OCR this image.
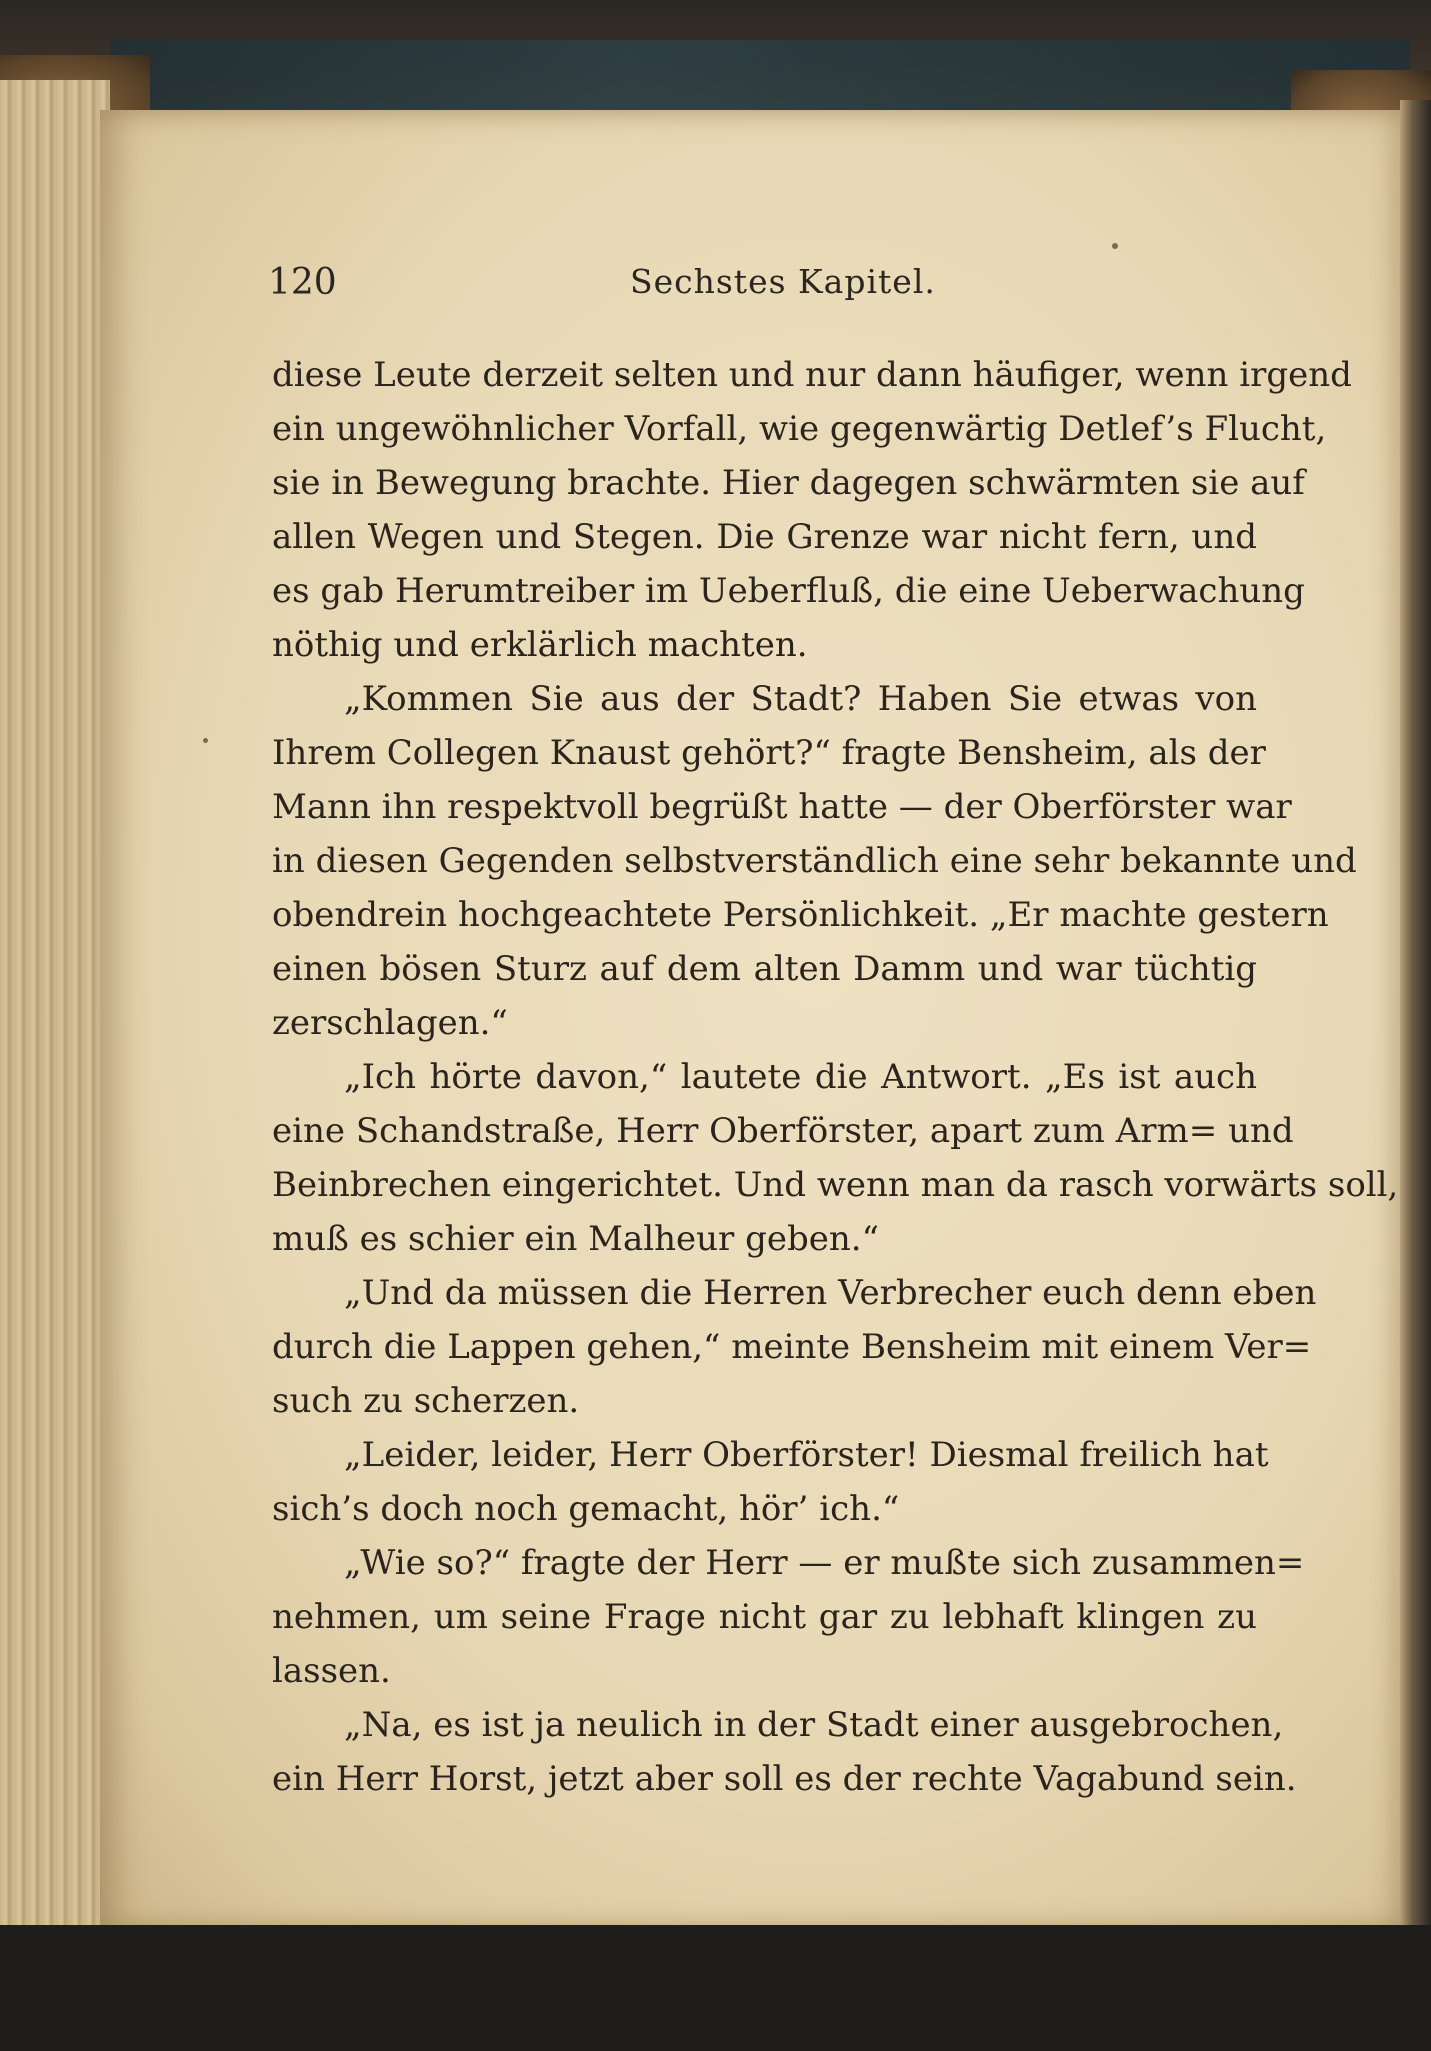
120	Sechstes Kapitel.
diese Leute derzeit selten und nur dann häufiger, wenn irgend
ein ungewöhnlicher Vorfall, wie gegenwärtig Detlef’s Flucht,
sie in Bewegung brachte. Hier dagegen schwärmten sie auf
allen Wegen und Stegen. Die Grenze war nicht fern, und
es gab Herumtreiber im Ueberfluß, die eine Ueberwachung
nöthig und erklärlich machten.
„Kommen Sie aus der Stadt? Haben Sie etwas von
Ihrem Collegen Knaust gehört?“ fragte Bensheim, als der
Mann ihn respektvoll begrüßt hatte — der Oberförster war
in diesen Gegenden selbstverständlich eine sehr bekannte und
obendrein hochgeachtete Persönlichkeit. „Er machte gestern
einen bösen Sturz auf dem alten Damm und war tüchtig
zerschlagen.“
„Ich hörte davon,“ lautete die Antwort. „Es ist auch
eine Schandstraße, Herr Oberförster, apart zum Arm= und
Beinbrechen eingerichtet. Und wenn man da rasch vorwärts soll,
muß es schier ein Malheur geben.“
„Und da müssen die Herren Verbrecher euch denn eben
durch die Lappen gehen,“ meinte Bensheim mit einem Ver=
such zu scherzen.
„Leider, leider, Herr Oberförster! Diesmal freilich hat
sich’s doch noch gemacht, hör’ ich.“
„Wie so?“ fragte der Herr — er mußte sich zusammen=
nehmen, um seine Frage nicht gar zu lebhaft klingen zu
lassen.
„Na, es ist ja neulich in der Stadt einer ausgebrochen,
ein Herr Horst, jetzt aber soll es der rechte Vagabund sein.
